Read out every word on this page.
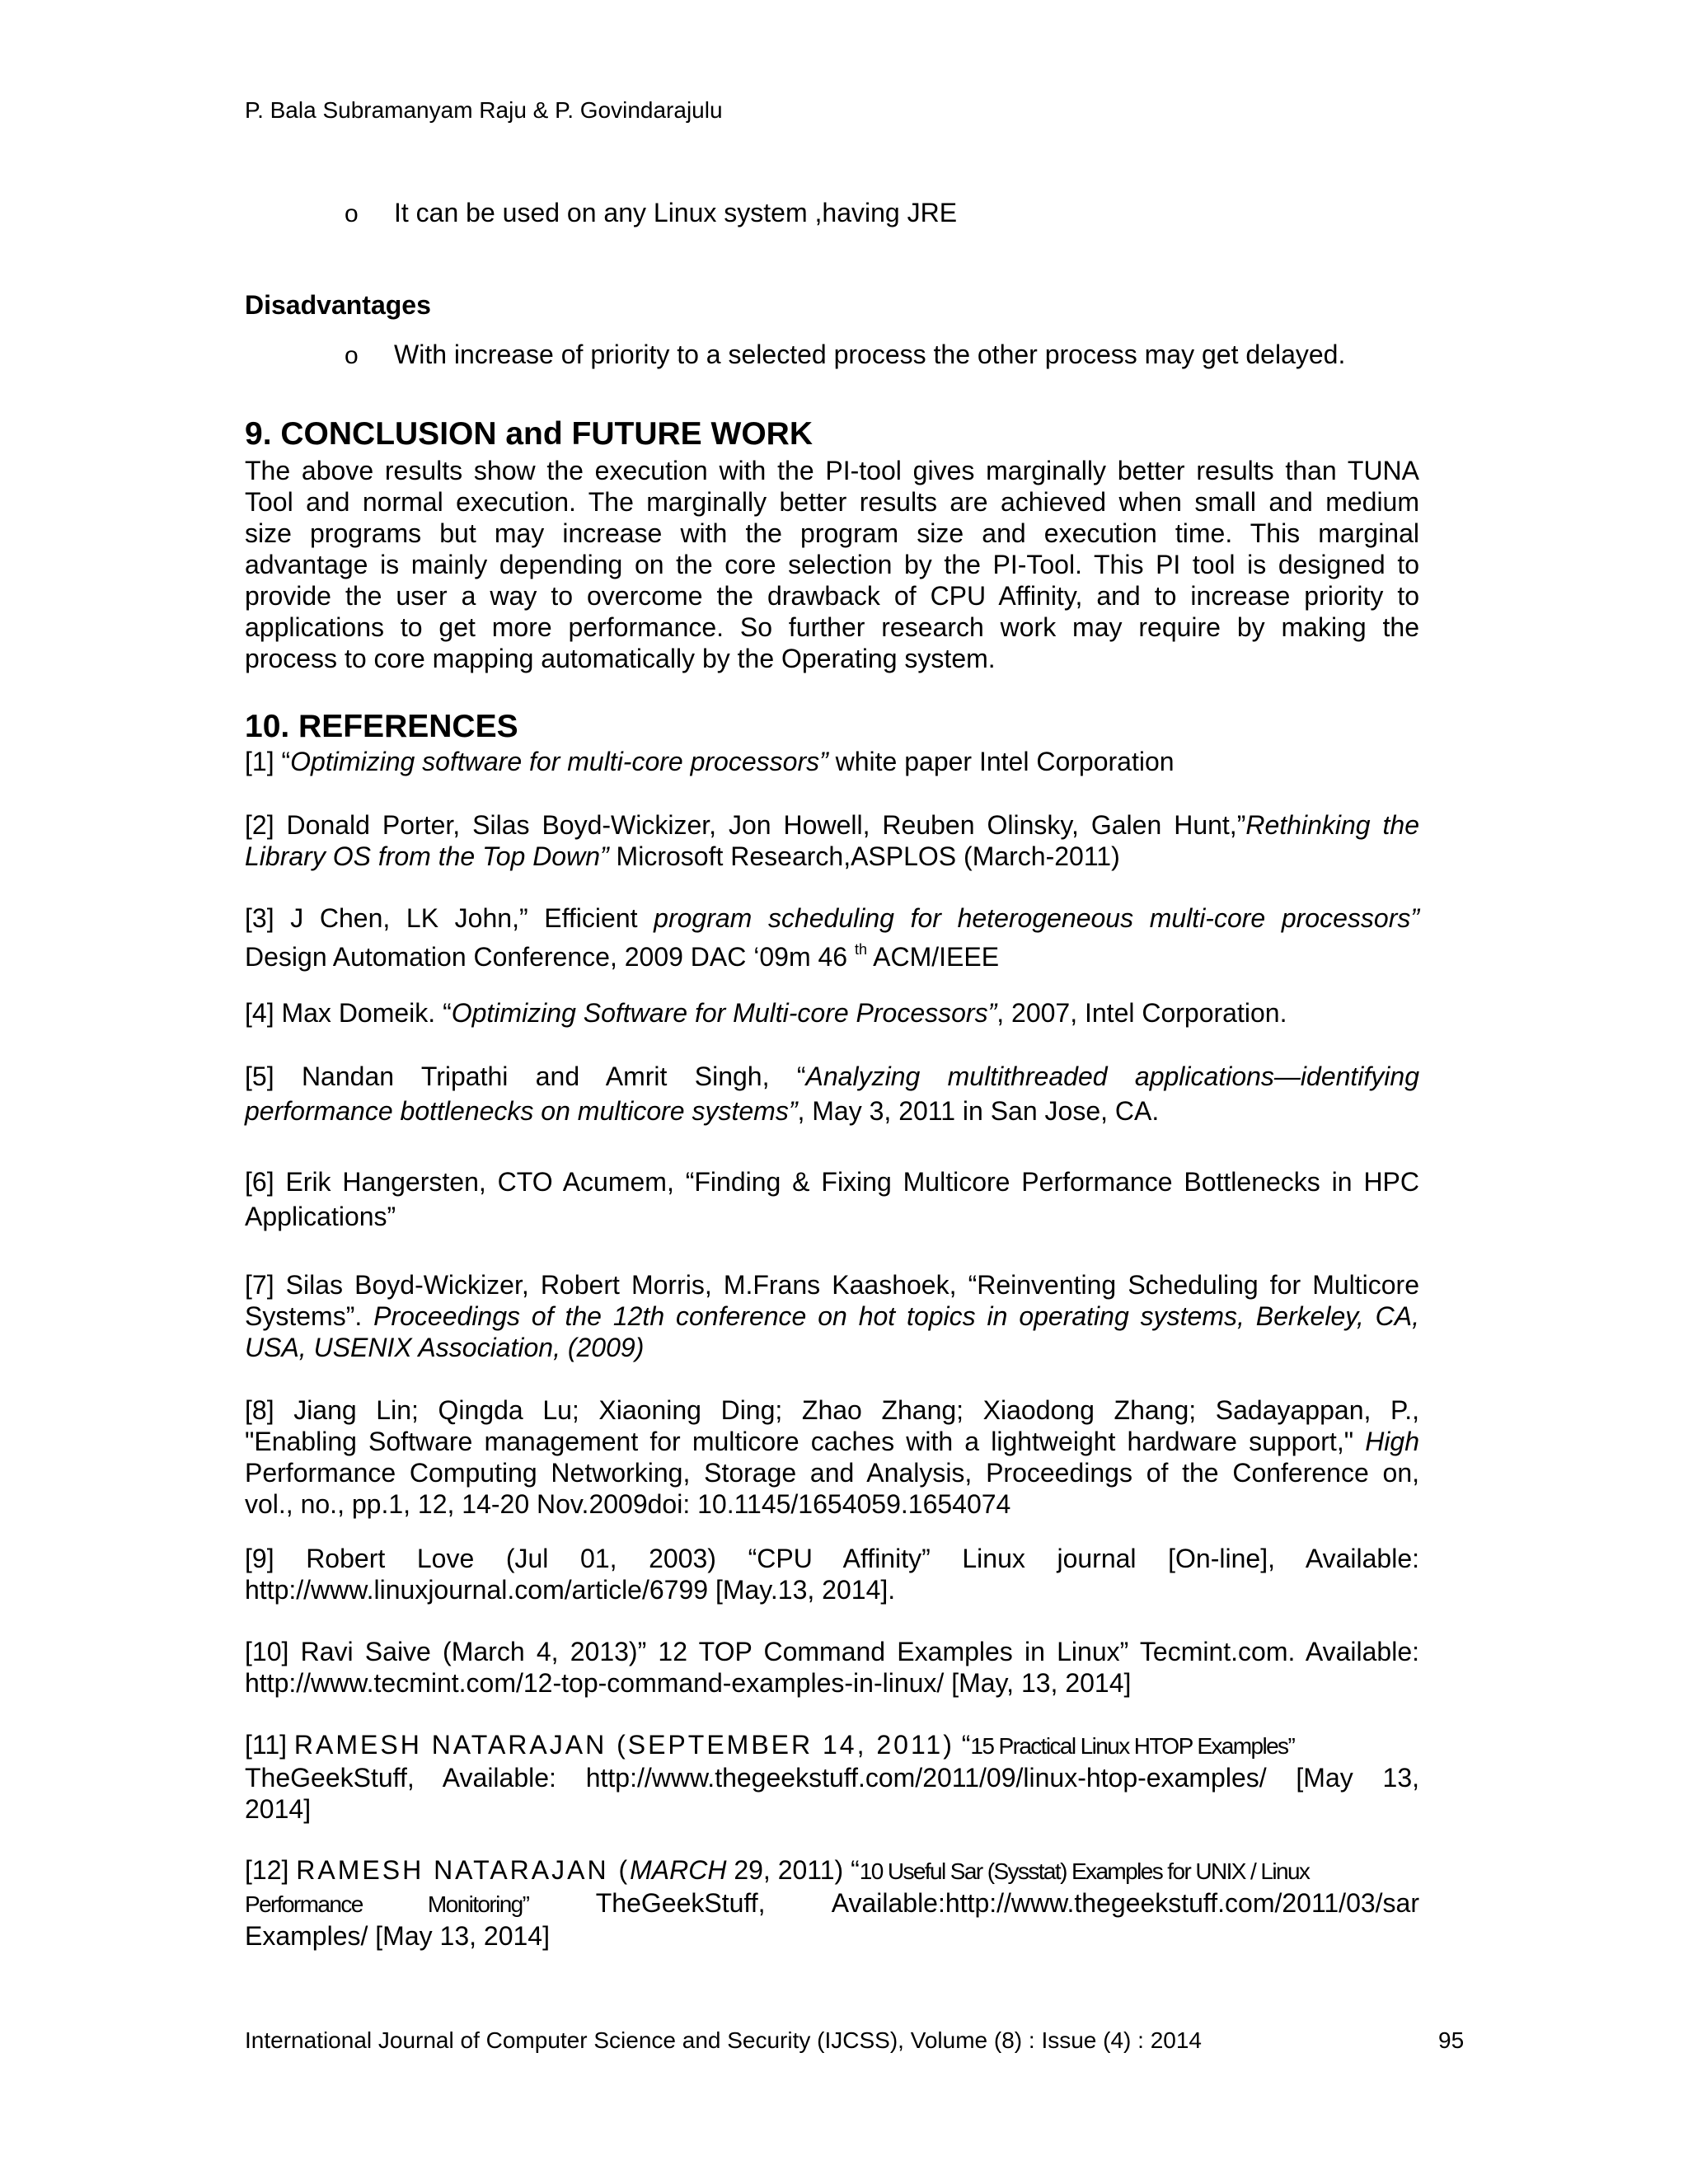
P. Bala Subramanyam Raju & P. Govindarajulu
o	It can be used on any Linux system ,having JRE
Disadvantages
o	With increase of priority to a selected process the other process may get delayed.
9. CONCLUSION and FUTURE WORK
The above results show the execution with the PI-tool gives marginally better results than TUNA
Tool and normal execution. The marginally better results are achieved when small and medium
size programs but may increase with the program size and execution time. This marginal
advantage is mainly depending on the core selection by the PI-Tool. This PI tool is designed to
provide the user a way to overcome the drawback of CPU Affinity, and to increase priority to
applications to get more performance. So further research work may require by making the
process to core mapping automatically by the Operating system.
10. REFERENCES
[1] “Optimizing software for multi-core processors” white paper Intel Corporation
[2] Donald Porter, Silas Boyd-Wickizer, Jon Howell, Reuben Olinsky, Galen Hunt,”Rethinking the
Library OS from the Top Down” Microsoft Research,ASPLOS (March-2011)
[3] J Chen, LK John,” Efficient program scheduling for heterogeneous multi-core processors”
Design Automation Conference, 2009 DAC ‘09m 46 $^{th}$ ACM/IEEE
[4] Max Domeik. “Optimizing Software for Multi-core Processors”, 2007, Intel Corporation.
[5] Nandan Tripathi and Amrit Singh, “Analyzing multithreaded applications—identifying
performance bottlenecks on multicore systems”, May 3, 2011 in San Jose, CA.
[6] Erik Hangersten, CTO Acumem, “Finding & Fixing Multicore Performance Bottlenecks in HPC
Applications”
[7] Silas Boyd-Wickizer, Robert Morris, M.Frans Kaashoek, “Reinventing Scheduling for Multicore
Systems”. Proceedings of the 12th conference on hot topics in operating systems, Berkeley, CA,
USA, USENIX Association, (2009)
[8] Jiang Lin; Qingda Lu; Xiaoning Ding; Zhao Zhang; Xiaodong Zhang; Sadayappan, P.,
"Enabling Software management for multicore caches with a lightweight hardware support," High
Performance Computing Networking, Storage and Analysis, Proceedings of the Conference on,
vol., no., pp.1, 12, 14-20 Nov.2009doi: 10.1145/1654059.1654074
[9] Robert Love (Jul 01, 2003) “CPU Affinity” Linux journal [On-line], Available:
http://www.linuxjournal.com/article/6799 [May.13, 2014].
[10] Ravi Saive (March 4, 2013)” 12 TOP Command Examples in Linux” Tecmint.com. Available:
http://www.tecmint.com/12-top-command-examples-in-linux/ [May, 13, 2014]
[11] RAMESH NATARAJAN (SEPTEMBER 14, 2011) “15 Practical Linux HTOP Examples”
TheGeekStuff, Available: http://www.thegeekstuff.com/2011/09/linux-htop-examples/ [May 13,
2014]
[12] RAMESH NATARAJAN (MARCH 29, 2011) “10 Useful Sar (Sysstat) Examples for UNIX / Linux
Performance Monitoring” TheGeekStuff, Available:http://www.thegeekstuff.com/2011/03/sar
Examples/ [May 13, 2014]
International Journal of Computer Science and Security (IJCSS), Volume (8) : Issue (4) : 2014	95
